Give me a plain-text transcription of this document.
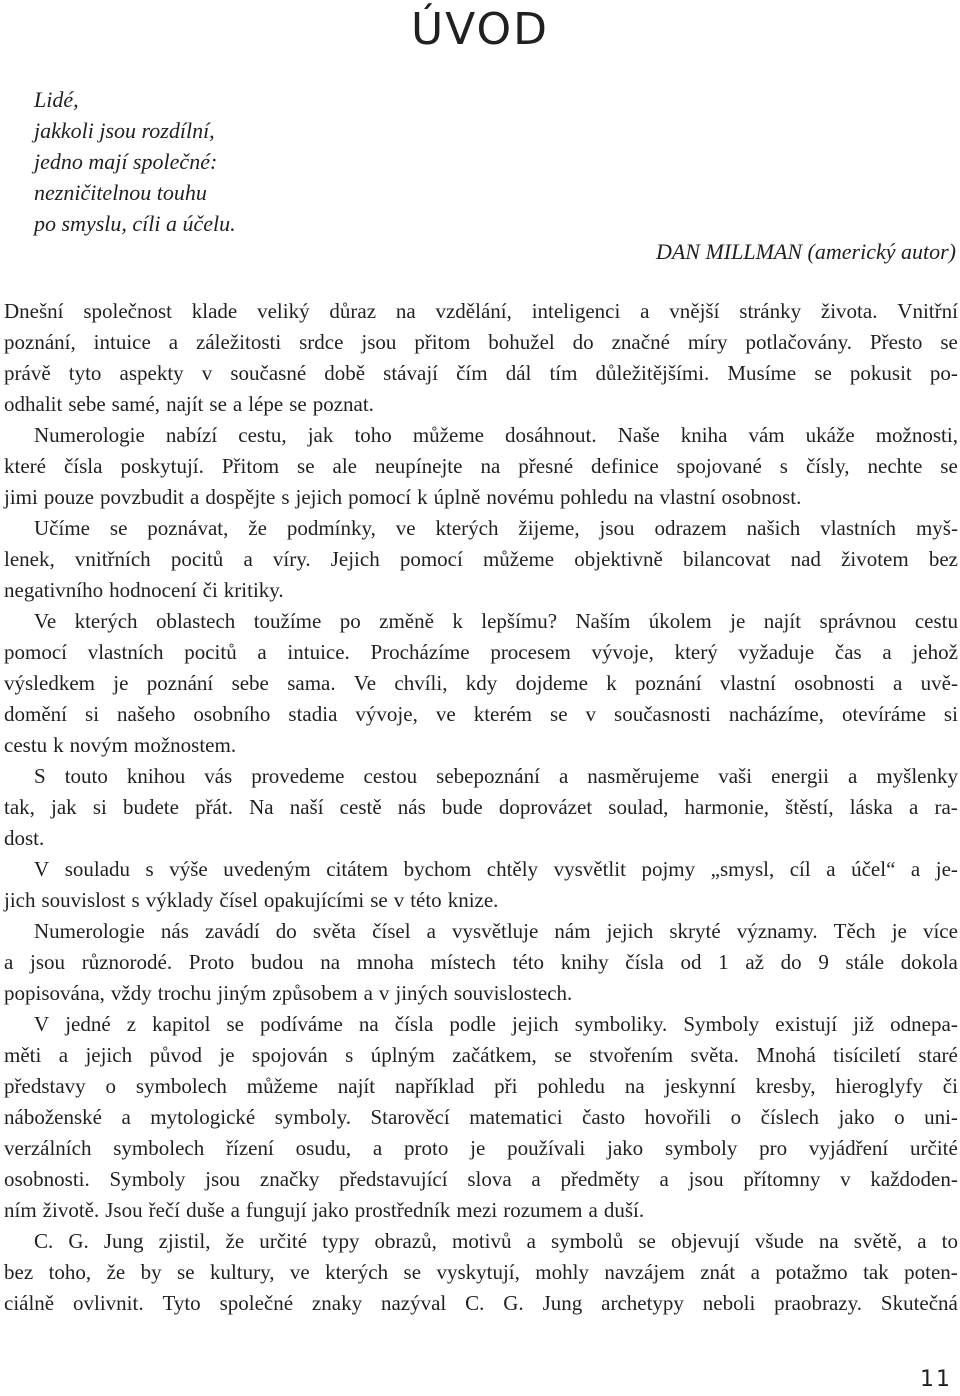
ÚVOD
Lidé,
jakkoli jsou rozdílní,
jedno mají společné:
nezničitelnou touhu
po smyslu, cíli a účelu.
DAN MILLMAN (americký autor)
Dnešní společnost klade veliký důraz na vzdělání, inteligenci a vnější stránky života. Vnitřní
poznání, intuice a záležitosti srdce jsou přitom bohužel do značné míry potlačovány. Přesto se
právě tyto aspekty v současné době stávají čím dál tím důležitějšími. Musíme se pokusit po-
odhalit sebe samé, najít se a lépe se poznat.
Numerologie nabízí cestu, jak toho můžeme dosáhnout. Naše kniha vám ukáže možnosti,
které čísla poskytují. Přitom se ale neupínejte na přesné definice spojované s čísly, nechte se
jimi pouze povzbudit a dospějte s jejich pomocí k úplně novému pohledu na vlastní osobnost.
Učíme se poznávat, že podmínky, ve kterých žijeme, jsou odrazem našich vlastních myš-
lenek, vnitřních pocitů a víry. Jejich pomocí můžeme objektivně bilancovat nad životem bez
negativního hodnocení či kritiky.
Ve kterých oblastech toužíme po změně k lepšímu? Naším úkolem je najít správnou cestu
pomocí vlastních pocitů a intuice. Procházíme procesem vývoje, který vyžaduje čas a jehož
výsledkem je poznání sebe sama. Ve chvíli, kdy dojdeme k poznání vlastní osobnosti a uvě-
domění si našeho osobního stadia vývoje, ve kterém se v současnosti nacházíme, otevíráme si
cestu k novým možnostem.
S touto knihou vás provedeme cestou sebepoznání a nasměrujeme vaši energii a myšlenky
tak, jak si budete přát. Na naší cestě nás bude doprovázet soulad, harmonie, štěstí, láska a ra-
dost.
V souladu s výše uvedeným citátem bychom chtěly vysvětlit pojmy „smysl, cíl a účel“ a je-
jich souvislost s výklady čísel opakujícími se v této knize.
Numerologie nás zavádí do světa čísel a vysvětluje nám jejich skryté významy. Těch je více
a jsou různorodé. Proto budou na mnoha místech této knihy čísla od 1 až do 9 stále dokola
popisována, vždy trochu jiným způsobem a v jiných souvislostech.
V jedné z kapitol se podíváme na čísla podle jejich symboliky. Symboly existují již odnepa-
měti a jejich původ je spojován s úplným začátkem, se stvořením světa. Mnohá tisíciletí staré
představy o symbolech můžeme najít například při pohledu na jeskynní kresby, hieroglyfy či
náboženské a mytologické symboly. Starověcí matematici často hovořili o číslech jako o uni-
verzálních symbolech řízení osudu, a proto je používali jako symboly pro vyjádření určité
osobnosti. Symboly jsou značky představující slova a předměty a jsou přítomny v každoden-
ním životě. Jsou řečí duše a fungují jako prostředník mezi rozumem a duší.
C. G. Jung zjistil, že určité typy obrazů, motivů a symbolů se objevují všude na světě, a to
bez toho, že by se kultury, ve kterých se vyskytují, mohly navzájem znát a potažmo tak poten-
ciálně ovlivnit. Tyto společné znaky nazýval C. G. Jung archetypy neboli praobrazy. Skutečná
11
